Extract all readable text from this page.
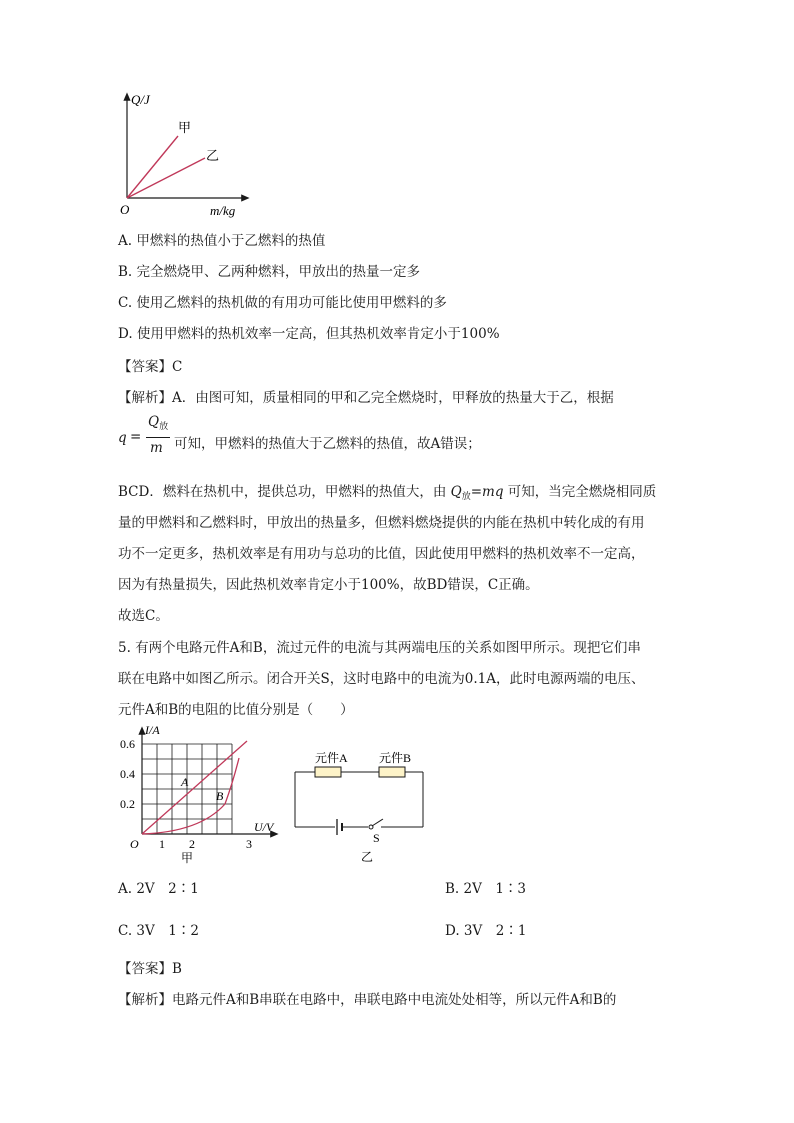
Q/J
m/kg
O
甲
乙
A. 甲燃料的热值小于乙燃料的热值
B. 完全燃烧甲、乙两种燃料，甲放出的热量一定多
C. 使用乙燃料的热机做的有用功可能比使用甲燃料的多
D. 使用甲燃料的热机效率一定高，但其热机效率肯定小于100%
【答案】C
【解析】A．由图可知，质量相同的甲和乙完全燃烧时，甲释放的热量大于乙，根据
q =
$Q_放$
m 可知，甲燃料的热值大于乙燃料的热值，故A错误；
BCD．燃料在热机中，提供总功，甲燃料的热值大，由 $Q_放=mq$ 可知，当完全燃烧相同质
量的甲燃料和乙燃料时，甲放出的热量多，但燃料燃烧提供的内能在热机中转化成的有用
功不一定更多，热机效率是有用功与总功的比值，因此使用甲燃料的热机效率不一定高，
因为有热量损失，因此热机效率肯定小于100%，故BD错误，C正确。
故选C。
5. 有两个电路元件A和B，流过元件的电流与其两端电压的关系如图甲所示。现把它们串
联在电路中如图乙所示。闭合开关S，这时电路中的电流为0.1A，此时电源两端的电压、
元件A和B的电阻的比值分别是（　　）
I/A
U/V
O
0.6
0.4
0.2
1 2	3
A
B
甲
元件A	元件B
S
乙
A. 2V　2∶1	B. 2V　1∶3
C. 3V　1∶2	D. 3V　2∶1
【答案】B
【解析】电路元件A和B串联在电路中，串联电路中电流处处相等，所以元件A和B的
